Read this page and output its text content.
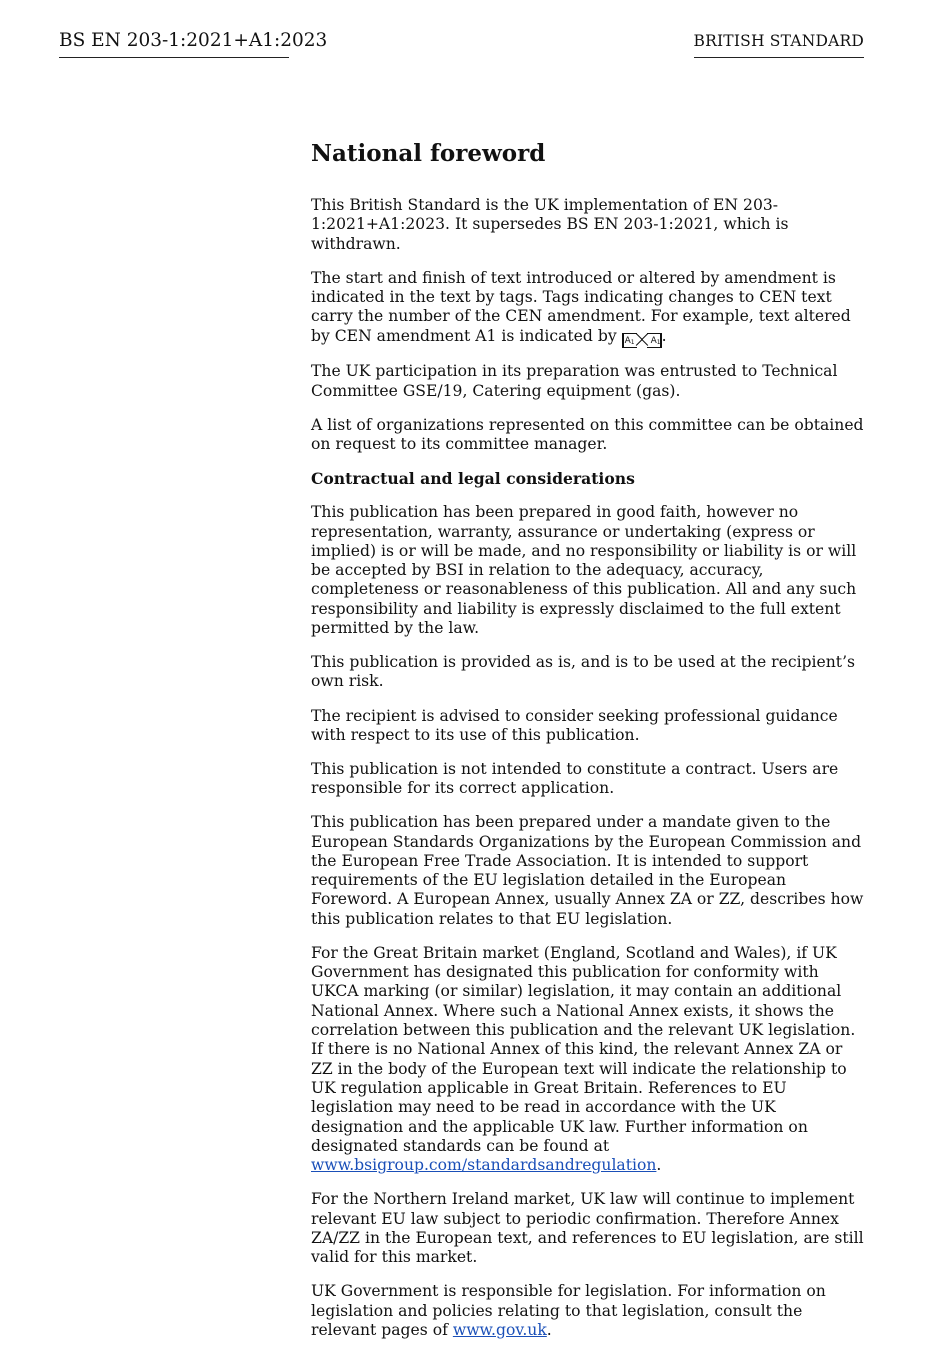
BS EN 203-1:2021+A1:2023	BRITISH STANDARD
National foreword

This British Standard is the UK implementation of EN 203-1:2021+A1:2023. It supersedes BS EN 203-1:2021, which is withdrawn.

The start and finish of text introduced or altered by amendment is indicated in the text by tags. Tags indicating changes to CEN text carry the number of the CEN amendment. For example, text altered by CEN amendment A1 is indicated by $A_1$ $A_1$.

The UK participation in its preparation was entrusted to Technical Committee GSE/19, Catering equipment (gas).

A list of organizations represented on this committee can be obtained on request to its committee manager.

Contractual and legal considerations

This publication has been prepared in good faith, however no representation, warranty, assurance or undertaking (express or implied) is or will be made, and no responsibility or liability is or will be accepted by BSI in relation to the adequacy, accuracy, completeness or reasonableness of this publication. All and any such responsibility and liability is expressly disclaimed to the full extent permitted by the law.

This publication is provided as is, and is to be used at the recipient’s own risk.

The recipient is advised to consider seeking professional guidance with respect to its use of this publication.

This publication is not intended to constitute a contract. Users are responsible for its correct application.

This publication has been prepared under a mandate given to the European Standards Organizations by the European Commission and the European Free Trade Association. It is intended to support requirements of the EU legislation detailed in the European Foreword. A European Annex, usually Annex ZA or ZZ, describes how this publication relates to that EU legislation.

For the Great Britain market (England, Scotland and Wales), if UK Government has designated this publication for conformity with UKCA marking (or similar) legislation, it may contain an additional National Annex. Where such a National Annex exists, it shows the correlation between this publication and the relevant UK legislation. If there is no National Annex of this kind, the relevant Annex ZA or ZZ in the body of the European text will indicate the relationship to UK regulation applicable in Great Britain. References to EU legislation may need to be read in accordance with the UK designation and the applicable UK law. Further information on designated standards can be found at www.bsigroup.com/standardsandregulation.

For the Northern Ireland market, UK law will continue to implement relevant EU law subject to periodic confirmation. Therefore Annex ZA/ZZ in the European text, and references to EU legislation, are still valid for this market.

UK Government is responsible for legislation. For information on legislation and policies relating to that legislation, consult the relevant pages of www.gov.uk.
